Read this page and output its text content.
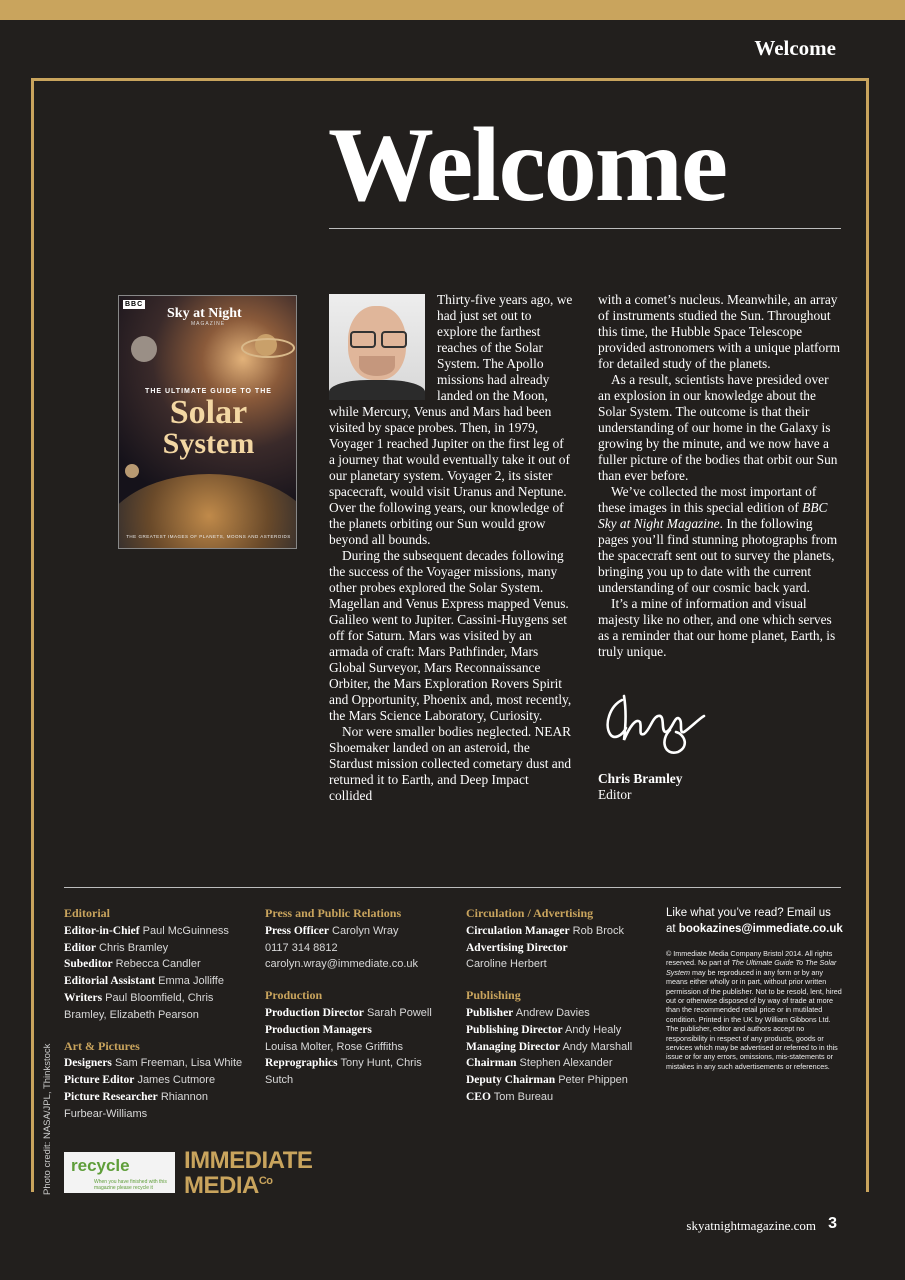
Welcome
Welcome
BBC
Sky at Night
MAGAZINE
THE ULTIMATE GUIDE TO THE
Solar
System
THE GREATEST IMAGES OF PLANETS, MOONS AND ASTEROIDS

Thirty-five years ago, we had just set out to explore the farthest reaches of the Solar System. The Apollo missions had already landed on the Moon,

while Mercury, Venus and Mars had been visited by space probes. Then, in 1979, Voyager 1 reached Jupiter on the first leg of a journey that would eventually take it out of our planetary system. Voyager 2, its sister spacecraft, would visit Uranus and Neptune. Over the following years, our knowledge of the planets orbiting our Sun would grow beyond all bounds.

During the subsequent decades following the success of the Voyager missions, many other probes explored the Solar System. Magellan and Venus Express mapped Venus. Galileo went to Jupiter. Cassini-Huygens set off for Saturn. Mars was visited by an armada of craft: Mars Pathfinder, Mars Global Surveyor, Mars Reconnaissance Orbiter, the Mars Exploration Rovers Spirit and Opportunity, Phoenix and, most recently, the Mars Science Laboratory, Curiosity.

Nor were smaller bodies neglected. NEAR Shoemaker landed on an asteroid, the Stardust mission collected cometary dust and returned it to Earth, and Deep Impact collided

with a comet’s nucleus. Meanwhile, an array of instruments studied the Sun. Throughout this time, the Hubble Space Telescope provided astronomers with a unique platform for detailed study of the planets.

As a result, scientists have presided over an explosion in our knowledge about the Solar System. The outcome is that their understanding of our home in the Galaxy is growing by the minute, and we now have a fuller picture of the bodies that orbit our Sun than ever before.

We’ve collected the most important of these images in this special edition of BBC Sky at Night Magazine. In the following pages you’ll find stunning photographs from the spacecraft sent out to survey the planets, bringing you up to date with the current understanding of our cosmic back yard.

It’s a mine of information and visual majesty like no other, and one which serves as a reminder that our home planet, Earth, is truly unique.

Chris Bramley
Editor
Editorial
Editor-in-Chief Paul McGuinness
Editor Chris Bramley
Subeditor Rebecca Candler
Editorial Assistant Emma Jolliffe
Writers Paul Bloomfield, Chris Bramley, Elizabeth Pearson
Art & Pictures
Designers Sam Freeman, Lisa White
Picture Editor James Cutmore
Picture Researcher Rhiannon Furbear-Williams
Press and Public Relations
Press Officer Carolyn Wray
0117 314 8812
carolyn.wray@immediate.co.uk
Production
Production Director Sarah Powell
Production Managers
Louisa Molter, Rose Griffiths
Reprographics Tony Hunt, Chris Sutch
Circulation / Advertising
Circulation Manager Rob Brock
Advertising Director
Caroline Herbert
Publishing
Publisher Andrew Davies
Publishing Director Andy Healy
Managing Director Andy Marshall
Chairman Stephen Alexander
Deputy Chairman Peter Phippen
CEO Tom Bureau
Like what you’ve read? Email us
at bookazines@immediate.co.uk
© Immediate Media Company Bristol 2014. All rights reserved. No part of The Ultimate Guide To The Solar System may be reproduced in any form or by any means either wholly or in part, without prior written permission of the publisher. Not to be resold, lent, hired out or otherwise disposed of by way of trade at more than the recommended retail price or in mutilated condition. Printed in the UK by William Gibbons Ltd. The publisher, editor and authors accept no responsibility in respect of any products, goods or services which may be advertised or referred to in this issue or for any errors, omissions, mis-statements or mistakes in any such advertisements or references.
Photo credit: NASA/JPL, Thinkstock recycle
When you have finished with this magazine please recycle it
IMMEDIATE
$MEDIA^{Co}$
skyatnightmagazine.com 3
